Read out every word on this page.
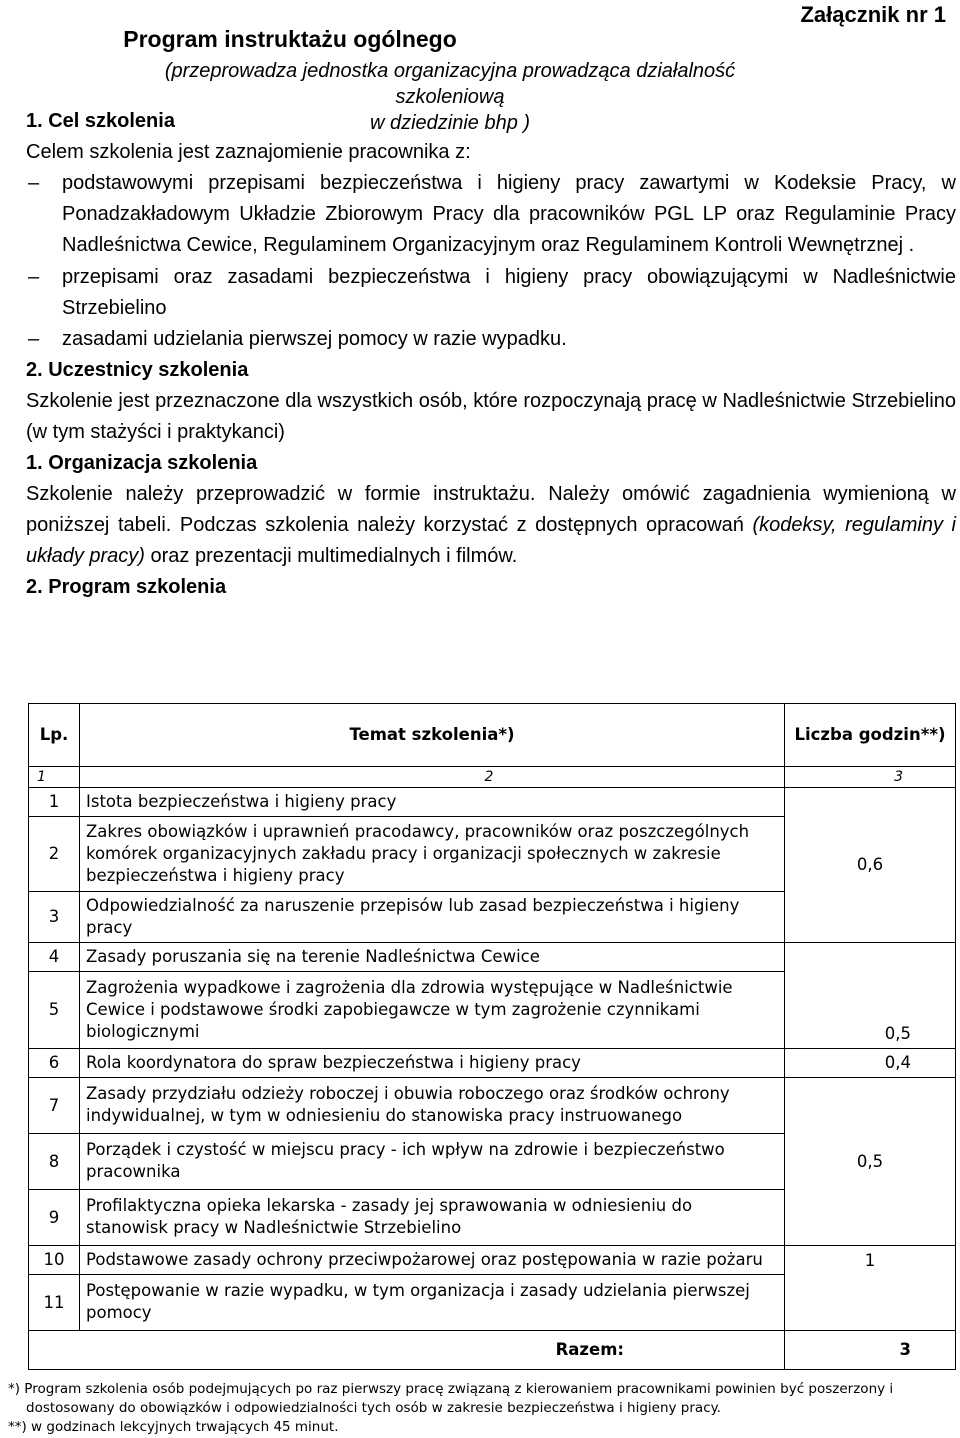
Załącznik nr 1
Program instruktażu ogólnego
(przeprowadza jednostka organizacyjna prowadząca działalność szkoleniową
w dziedzinie bhp )

1. Cel szkolenia

Celem szkolenia jest zaznajomienie pracownika z:

– podstawowymi przepisami bezpieczeństwa i higieny pracy zawartymi w Kodeksie Pracy, w Ponadzakładowym Układzie Zbiorowym Pracy dla pracowników PGL LP oraz Regulaminie Pracy Nadleśnictwa Cewice, Regulaminem Organizacyjnym oraz Regulaminem Kontroli Wewnętrznej .

– przepisami oraz zasadami bezpieczeństwa i higieny pracy obowiązującymi w Nadleśnictwie Strzebielino

– zasadami udzielania pierwszej pomocy w razie wypadku.

2. Uczestnicy szkolenia

Szkolenie jest przeznaczone dla wszystkich osób, które rozpoczynają pracę w Nadleśnictwie Strzebielino (w tym stażyści i praktykanci)

1. Organizacja szkolenia

Szkolenie należy przeprowadzić w formie instruktażu. Należy omówić zagadnienia wymienioną w poniższej tabeli. Podczas szkolenia należy korzystać z dostępnych opracowań (kodeksy, regulaminy i układy pracy) oraz prezentacji multimedialnych i filmów.

2. Program szkolenia

Lp.	Temat szkolenia*)	Liczba godzin**)
1	2	3
1	Istota bezpieczeństwa i higieny pracy	0,6
2	Zakres obowiązków i uprawnień pracodawcy, pracowników oraz poszczególnych komórek organizacyjnych zakładu pracy i organizacji społecznych w zakresie bezpieczeństwa i higieny pracy	
3	Odpowiedzialność za naruszenie przepisów lub zasad bezpieczeństwa i higieny pracy	
4	Zasady poruszania się na terenie Nadleśnictwa Cewice	0,5
5	Zagrożenia wypadkowe i zagrożenia dla zdrowia występujące w Nadleśnictwie Cewice i podstawowe środki zapobiegawcze w tym zagrożenie czynnikami biologicznymi	
6	Rola koordynatora do spraw bezpieczeństwa i higieny pracy	0,4
7	Zasady przydziału odzieży roboczej i obuwia roboczego oraz środków ochrony indywidualnej, w tym w odniesieniu do stanowiska pracy instruowanego	0,5
8	Porządek i czystość w miejscu pracy - ich wpływ na zdrowie i bezpieczeństwo pracownika	
9	Profilaktyczna opieka lekarska - zasady jej sprawowania w odniesieniu do stanowisk pracy w Nadleśnictwie Strzebielino	
10	Podstawowe zasady ochrony przeciwpożarowej oraz postępowania w razie pożaru	1
11	Postępowanie w razie wypadku, w tym organizacja i zasady udzielania pierwszej pomocy	
Razem:		3

*) Program szkolenia osób podejmujących po raz pierwszy pracę związaną z kierowaniem pracownikami powinien być poszerzony i

dostosowany do obowiązków i odpowiedzialności tych osób w zakresie bezpieczeństwa i higieny pracy.

**) w godzinach lekcyjnych trwających 45 minut.
